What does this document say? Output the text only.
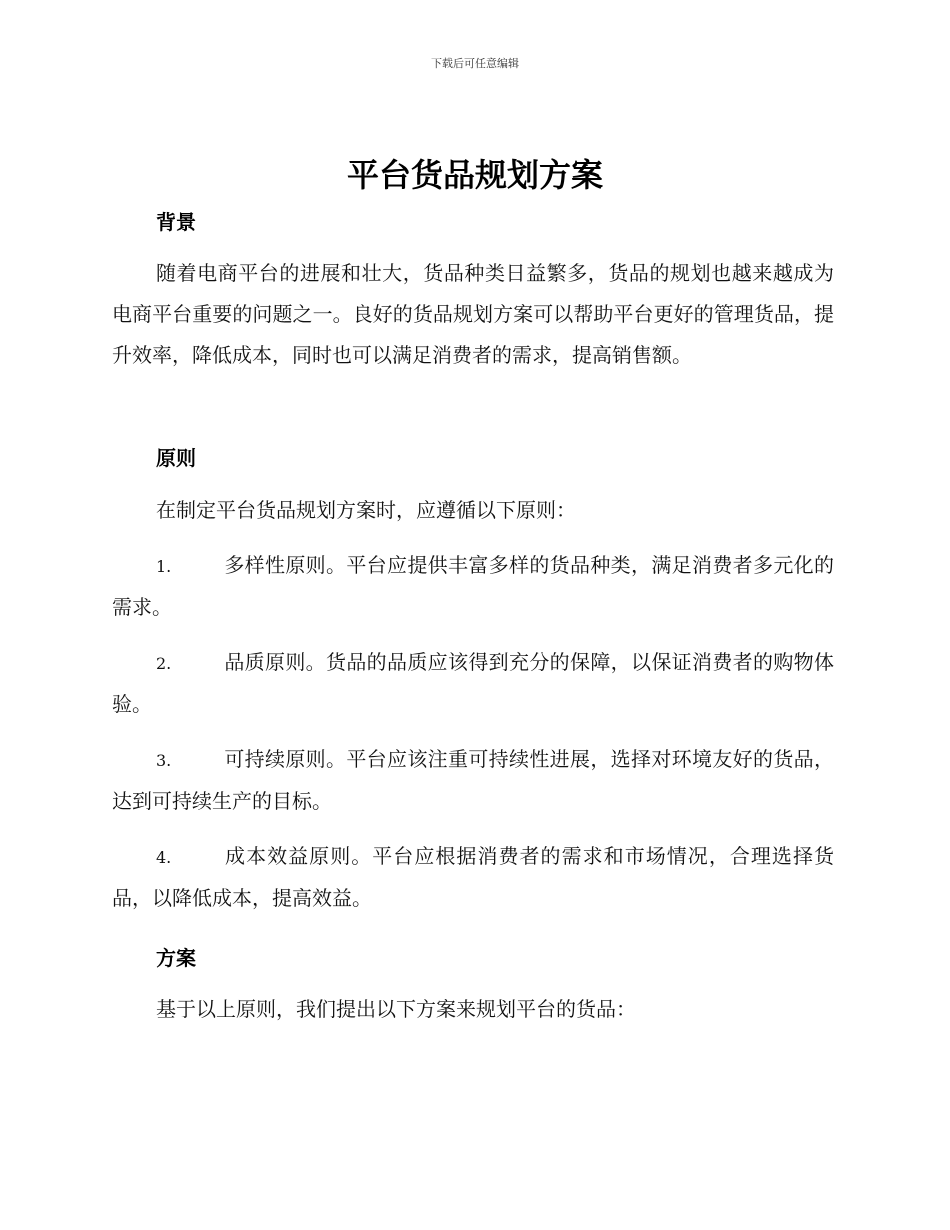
下载后可任意编辑
平台货品规划方案
背景

随着电商平台的进展和壮大，货品种类日益繁多，货品的规划也越来越成为电商平台重要的问题之一。良好的货品规划方案可以帮助平台更好的管理货品，提升效率，降低成本，同时也可以满足消费者的需求，提高销售额。

原则

在制定平台货品规划方案时，应遵循以下原则：

1.	多样性原则。平台应提供丰富多样的货品种类，满足消费者多元化的需求。

2.	品质原则。货品的品质应该得到充分的保障，以保证消费者的购物体验。

3.	可持续原则。平台应该注重可持续性进展，选择对环境友好的货品，达到可持续生产的目标。

4.	成本效益原则。平台应根据消费者的需求和市场情况，合理选择货品，以降低成本，提高效益。

方案

基于以上原则，我们提出以下方案来规划平台的货品：
